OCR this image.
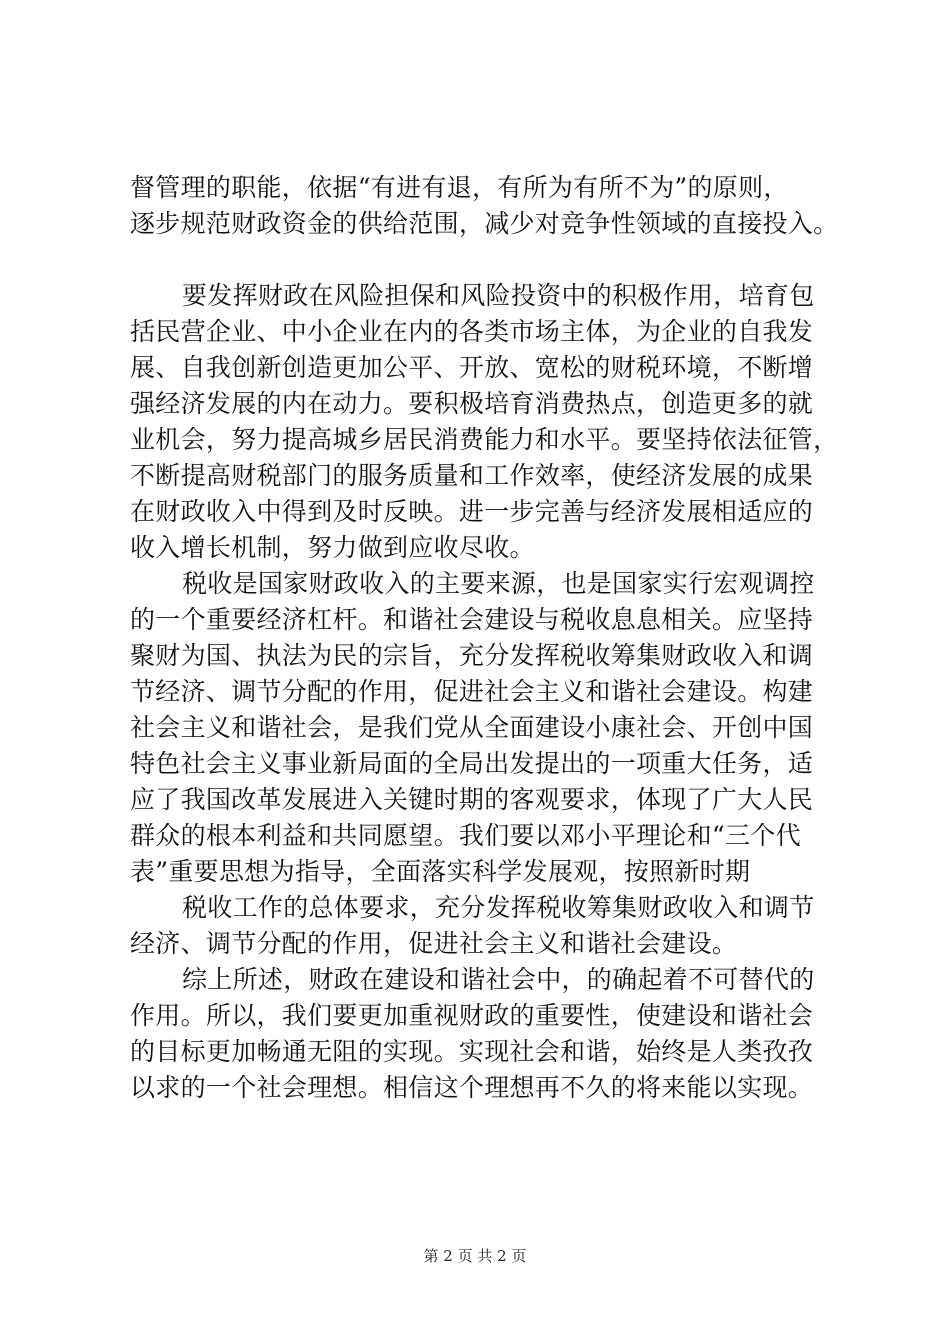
督管理的职能，依据“有进有退，有所为有所不为”的原则，
逐步规范财政资金的供给范围，减少对竞争性领域的直接投入。
要发挥财政在风险担保和风险投资中的积极作用，培育包
括民营企业、中小企业在内的各类市场主体，为企业的自我发
展、自我创新创造更加公平、开放、宽松的财税环境，不断增
强经济发展的内在动力。要积极培育消费热点，创造更多的就
业机会，努力提高城乡居民消费能力和水平。要坚持依法征管，
不断提高财税部门的服务质量和工作效率，使经济发展的成果
在财政收入中得到及时反映。进一步完善与经济发展相适应的
收入增长机制，努力做到应收尽收。
税收是国家财政收入的主要来源，也是国家实行宏观调控
的一个重要经济杠杆。和谐社会建设与税收息息相关。应坚持
聚财为国、执法为民的宗旨，充分发挥税收筹集财政收入和调
节经济、调节分配的作用，促进社会主义和谐社会建设。构建
社会主义和谐社会，是我们党从全面建设小康社会、开创中国
特色社会主义事业新局面的全局出发提出的一项重大任务，适
应了我国改革发展进入关键时期的客观要求，体现了广大人民
群众的根本利益和共同愿望。我们要以邓小平理论和“三个代
表”重要思想为指导，全面落实科学发展观，按照新时期
税收工作的总体要求，充分发挥税收筹集财政收入和调节
经济、调节分配的作用，促进社会主义和谐社会建设。
综上所述，财政在建设和谐社会中，的确起着不可替代的
作用。所以，我们要更加重视财政的重要性，使建设和谐社会
的目标更加畅通无阻的实现。实现社会和谐，始终是人类孜孜
以求的一个社会理想。相信这个理想再不久的将来能以实现。
第 2 页 共 2 页
